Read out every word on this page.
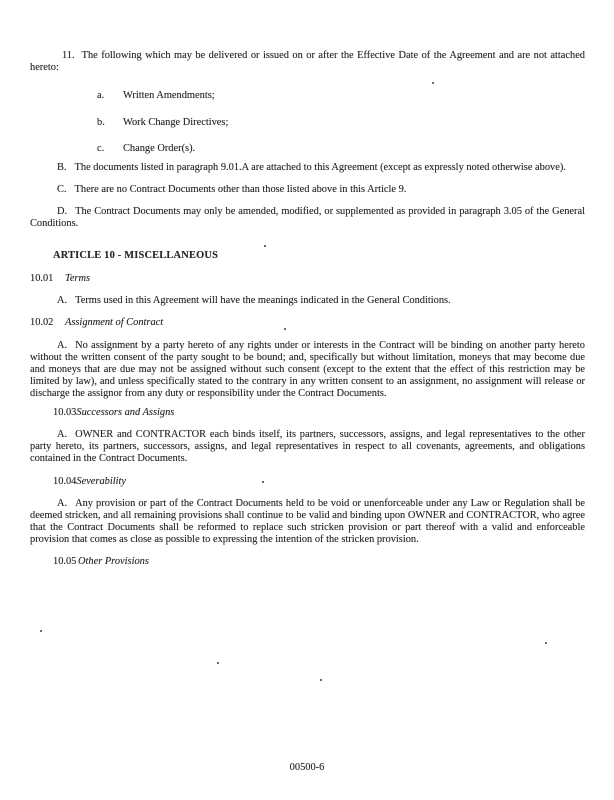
11. The following which may be delivered or issued on or after the Effective Date of the Agreement and are not attached hereto:

a. Written Amendments;

b. Work Change Directives;

c. Change Order(s).

B. The documents listed in paragraph 9.01.A are attached to this Agreement (except as expressly noted otherwise above).

C. There are no Contract Documents other than those listed above in this Article 9.

D. The Contract Documents may only be amended, modified, or supplemented as provided in paragraph 3.05 of the General Conditions.

ARTICLE 10 - MISCELLANEOUS

10.01 Terms

A. Terms used in this Agreement will have the meanings indicated in the General Conditions.

10.02 Assignment of Contract

A. No assignment by a party hereto of any rights under or interests in the Contract will be binding on another party hereto without the written consent of the party sought to be bound; and, specifically but without limitation, moneys that may become due and moneys that are due may not be assigned without such consent (except to the extent that the effect of this restriction may be limited by law), and unless specifically stated to the contrary in any written consent to an assignment, no assignment will release or discharge the assignor from any duty or responsibility under the Contract Documents.

10.03Successors and Assigns

A. OWNER and CONTRACTOR each binds itself, its partners, successors, assigns, and legal representatives to the other party hereto, its partners, successors, assigns, and legal representatives in respect to all covenants, agreements, and obligations contained in the Contract Documents.

10.04Severability

A. Any provision or part of the Contract Documents held to be void or unenforceable under any Law or Regulation shall be deemed stricken, and all remaining provisions shall continue to be valid and binding upon OWNER and CONTRACTOR, who agree that the Contract Documents shall be reformed to replace such stricken provision or part thereof with a valid and enforceable provision that comes as close as possible to expressing the intention of the stricken provision.

10.05 Other Provisions

00500-6
